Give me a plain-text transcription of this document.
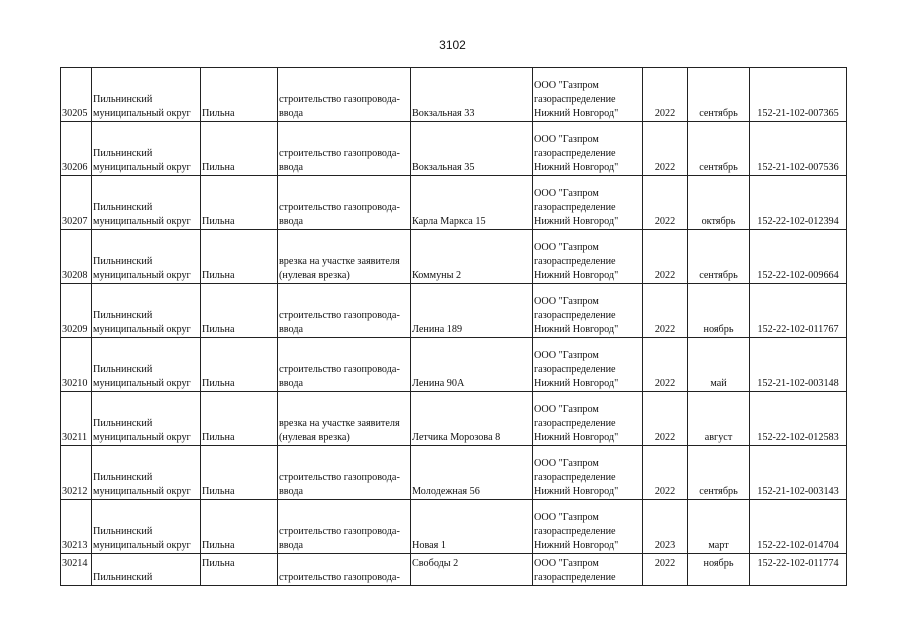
3102
30205	Пильнинский
муниципальный округ	Пильна	строительство газопровода-
ввода	Вокзальная 33	ООО "Газпром
газораспределение
Нижний Новгород"	2022	сентябрь	152-21-102-007365
30206	Пильнинский
муниципальный округ	Пильна	строительство газопровода-
ввода	Вокзальная 35	ООО "Газпром
газораспределение
Нижний Новгород"	2022	сентябрь	152-21-102-007536
30207	Пильнинский
муниципальный округ	Пильна	строительство газопровода-
ввода	Карла Маркса 15	ООО "Газпром
газораспределение
Нижний Новгород"	2022	октябрь	152-22-102-012394
30208	Пильнинский
муниципальный округ	Пильна	врезка на участке заявителя
(нулевая врезка)	Коммуны 2	ООО "Газпром
газораспределение
Нижний Новгород"	2022	сентябрь	152-22-102-009664
30209	Пильнинский
муниципальный округ	Пильна	строительство газопровода-
ввода	Ленина 189	ООО "Газпром
газораспределение
Нижний Новгород"	2022	ноябрь	152-22-102-011767
30210	Пильнинский
муниципальный округ	Пильна	строительство газопровода-
ввода	Ленина 90А	ООО "Газпром
газораспределение
Нижний Новгород"	2022	май	152-21-102-003148
30211	Пильнинский
муниципальный округ	Пильна	врезка на участке заявителя
(нулевая врезка)	Летчика Морозова 8	ООО "Газпром
газораспределение
Нижний Новгород"	2022	август	152-22-102-012583
30212	Пильнинский
муниципальный округ	Пильна	строительство газопровода-
ввода	Молодежная 56	ООО "Газпром
газораспределение
Нижний Новгород"	2022	сентябрь	152-21-102-003143
30213	Пильнинский
муниципальный округ	Пильна	строительство газопровода-
ввода	Новая 1	ООО "Газпром
газораспределение
Нижний Новгород"	2023	март	152-22-102-014704
30214	Пильнинский	Пильна	строительство газопровода-	Свободы 2	ООО "Газпром
газораспределение	2022	ноябрь	152-22-102-011774
